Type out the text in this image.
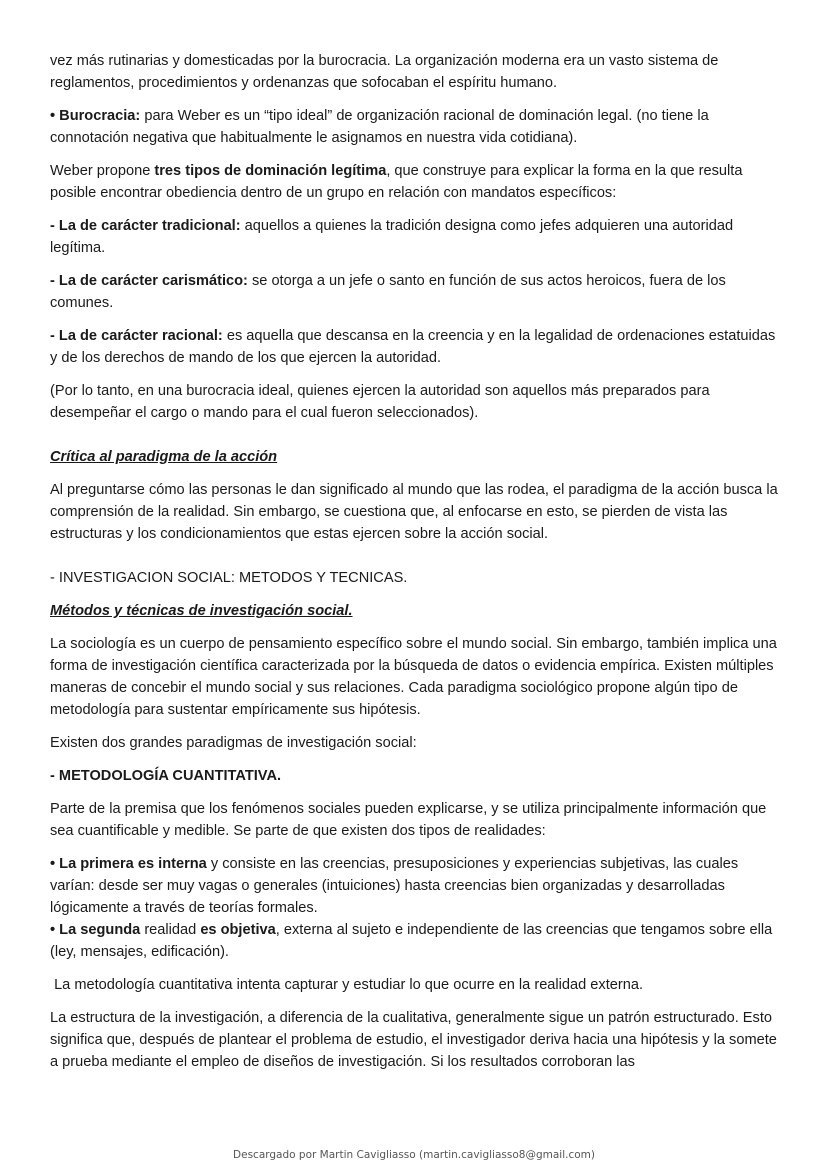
vez más rutinarias y domesticadas por la burocracia. La organización moderna era un vasto sistema de reglamentos, procedimientos y ordenanzas que sofocaban el espíritu humano.

• Burocracia: para Weber es un “tipo ideal” de organización racional de dominación legal. (no tiene la connotación negativa que habitualmente le asignamos en nuestra vida cotidiana).

Weber propone tres tipos de dominación legítima, que construye para explicar la forma en la que resulta posible encontrar obediencia dentro de un grupo en relación con mandatos específicos:

- La de carácter tradicional: aquellos a quienes la tradición designa como jefes adquieren una autoridad legítima.

- La de carácter carismático: se otorga a un jefe o santo en función de sus actos heroicos, fuera de los comunes.

- La de carácter racional: es aquella que descansa en la creencia y en la legalidad de ordenaciones estatuidas y de los derechos de mando de los que ejercen la autoridad.

(Por lo tanto, en una burocracia ideal, quienes ejercen la autoridad son aquellos más preparados para desempeñar el cargo o mando para el cual fueron seleccionados).

Crítica al paradigma de la acción

Al preguntarse cómo las personas le dan significado al mundo que las rodea, el paradigma de la acción busca la comprensión de la realidad. Sin embargo, se cuestiona que, al enfocarse en esto, se pierden de vista las estructuras y los condicionamientos que estas ejercen sobre la acción social.

- INVESTIGACION SOCIAL: METODOS Y TECNICAS.

Métodos y técnicas de investigación social.

La sociología es un cuerpo de pensamiento específico sobre el mundo social. Sin embargo, también implica una forma de investigación científica caracterizada por la búsqueda de datos o evidencia empírica. Existen múltiples maneras de concebir el mundo social y sus relaciones. Cada paradigma sociológico propone algún tipo de metodología para sustentar empíricamente sus hipótesis.

Existen dos grandes paradigmas de investigación social:

- METODOLOGÍA CUANTITATIVA.

Parte de la premisa que los fenómenos sociales pueden explicarse, y se utiliza principalmente información que sea cuantificable y medible. Se parte de que existen dos tipos de realidades:

• La primera es interna y consiste en las creencias, presuposiciones y experiencias subjetivas, las cuales varían: desde ser muy vagas o generales (intuiciones) hasta creencias bien organizadas y desarrolladas lógicamente a través de teorías formales.

• La segunda realidad es objetiva, externa al sujeto e independiente de las creencias que tengamos sobre ella (ley, mensajes, edificación).

La metodología cuantitativa intenta capturar y estudiar lo que ocurre en la realidad externa.

La estructura de la investigación, a diferencia de la cualitativa, generalmente sigue un patrón estructurado. Esto significa que, después de plantear el problema de estudio, el investigador deriva hacia una hipótesis y la somete a prueba mediante el empleo de diseños de investigación. Si los resultados corroboran las

Descargado por Martin Cavigliasso (martin.cavigliasso8@gmail.com)
